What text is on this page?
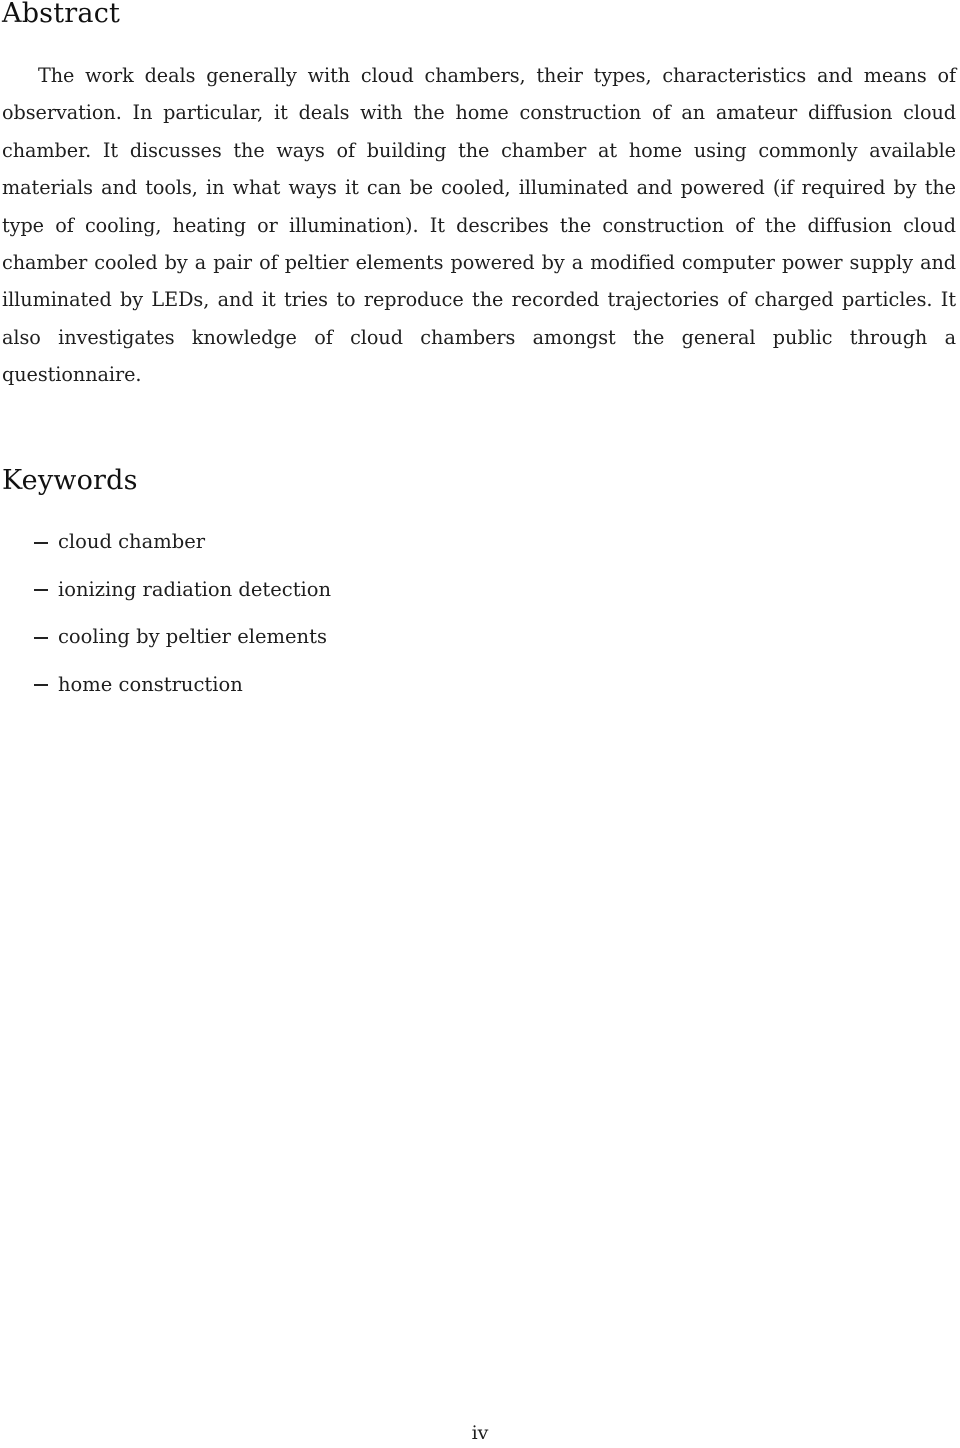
Abstract

The work deals generally with cloud chambers, their types, characteristics and means of observation. In particular, it deals with the home construction of an amateur diffusion cloud chamber. It discusses the ways of building the chamber at home using commonly available materials and tools, in what ways it can be cooled, illuminated and powered (if required by the type of cooling, heating or illumination). It describes the construction of the diffusion cloud chamber cooled by a pair of peltier elements powered by a modified computer power supply and illuminated by LEDs, and it tries to reproduce the recorded trajectories of charged particles. It also investigates knowledge of cloud chambers amongst the general public through a questionnaire.

Keywords
cloud chamber
ionizing radiation detection
cooling by peltier elements
home construction
iv
